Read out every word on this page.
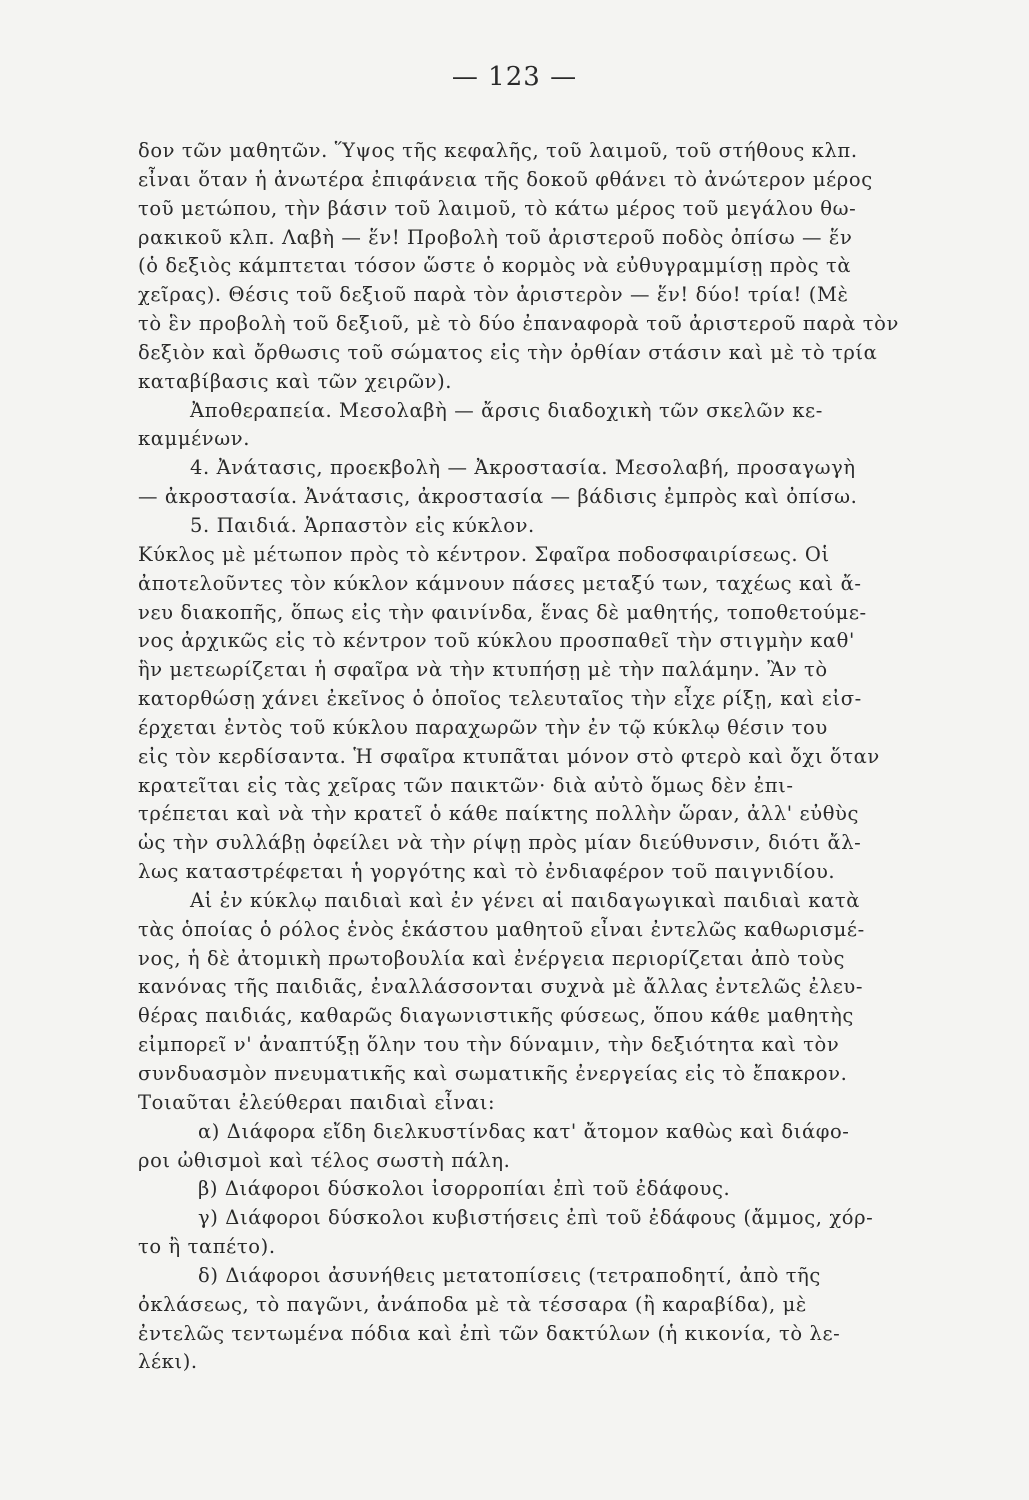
— 123 —
δον τῶν μαθητῶν. Ὕψος τῆς κεφαλῆς, τοῦ λαιμοῦ, τοῦ στήθους κλπ.
εἶναι ὅταν ἡ ἀνωτέρα ἐπιφάνεια τῆς δοκοῦ φθάνει τὸ ἀνώτερον μέρος
τοῦ μετώπου, τὴν βάσιν τοῦ λαιμοῦ, τὸ κάτω μέρος τοῦ μεγάλου θω-
ρακικοῦ κλπ. Λαβὴ — ἕν! Προβολὴ τοῦ ἀριστεροῦ ποδὸς ὀπίσω — ἕν
(ὁ δεξιὸς κάμπτεται τόσον ὥστε ὁ κορμὸς νὰ εὐθυγραμμίσῃ πρὸς τὰ
χεῖρας). Θέσις τοῦ δεξιοῦ παρὰ τὸν ἀριστερὸν — ἕν! δύο! τρία! (Μὲ
τὸ ἓν προβολὴ τοῦ δεξιοῦ, μὲ τὸ δύο ἐπαναφορὰ τοῦ ἀριστεροῦ παρὰ τὸν
δεξιὸν καὶ ὄρθωσις τοῦ σώματος εἰς τὴν ὀρθίαν στάσιν καὶ μὲ τὸ τρία
καταβίβασις καὶ τῶν χειρῶν).
Ἀποθεραπεία. Μεσολαβὴ — ἄρσις διαδοχικὴ τῶν σκελῶν κε-
καμμένων.
4. Ἀνάτασις, προεκβολὴ — Ἀκροστασία. Μεσολαβή, προσαγωγὴ
— ἀκροστασία. Ἀνάτασις, ἀκροστασία — βάδισις ἐμπρὸς καὶ ὀπίσω.
5. Παιδιά. Ἁρπαστὸν εἰς κύκλον.
Κύκλος μὲ μέτωπον πρὸς τὸ κέντρον. Σφαῖρα ποδοσφαιρίσεως. Οἱ
ἀποτελοῦντες τὸν κύκλον κάμνουν πάσες μεταξύ των, ταχέως καὶ ἄ-
νευ διακοπῆς, ὅπως εἰς τὴν φαινίνδα, ἕνας δὲ μαθητής, τοποθετούμε-
νος ἀρχικῶς εἰς τὸ κέντρον τοῦ κύκλου προσπαθεῖ τὴν στιγμὴν καθ'
ἣν μετεωρίζεται ἡ σφαῖρα νὰ τὴν κτυπήσῃ μὲ τὴν παλάμην. Ἂν τὸ
κατορθώσῃ χάνει ἐκεῖνος ὁ ὁποῖος τελευταῖος τὴν εἶχε ρίξῃ, καὶ εἰσ-
έρχεται ἐντὸς τοῦ κύκλου παραχωρῶν τὴν ἐν τῷ κύκλῳ θέσιν του
εἰς τὸν κερδίσαντα. Ἡ σφαῖρα κτυπᾶται μόνον στὸ φτερὸ καὶ ὄχι ὅταν
κρατεῖται εἰς τὰς χεῖρας τῶν παικτῶν· διὰ αὐτὸ ὅμως δὲν ἐπι-
τρέπεται καὶ νὰ τὴν κρατεῖ ὁ κάθε παίκτης πολλὴν ὥραν, ἀλλ' εὐθὺς
ὡς τὴν συλλάβῃ ὀφείλει νὰ τὴν ρίψῃ πρὸς μίαν διεύθυνσιν, διότι ἄλ-
λως καταστρέφεται ἡ γοργότης καὶ τὸ ἐνδιαφέρον τοῦ παιγνιδίου.
Αἱ ἐν κύκλῳ παιδιαὶ καὶ ἐν γένει αἱ παιδαγωγικαὶ παιδιαὶ κατὰ
τὰς ὁποίας ὁ ρόλος ἑνὸς ἑκάστου μαθητοῦ εἶναι ἐντελῶς καθωρισμέ-
νος, ἡ δὲ ἀτομικὴ πρωτοβουλία καὶ ἐνέργεια περιορίζεται ἀπὸ τοὺς
κανόνας τῆς παιδιᾶς, ἐναλλάσσονται συχνὰ μὲ ἄλλας ἐντελῶς ἐλευ-
θέρας παιδιάς, καθαρῶς διαγωνιστικῆς φύσεως, ὅπου κάθε μαθητὴς
εἰμπορεῖ ν' ἀναπτύξῃ ὅλην του τὴν δύναμιν, τὴν δεξιότητα καὶ τὸν
συνδυασμὸν πνευματικῆς καὶ σωματικῆς ἐνεργείας εἰς τὸ ἔπακρον.
Τοιαῦται ἐλεύθεραι παιδιαὶ εἶναι:
α) Διάφορα εἴδη διελκυστίνδας κατ' ἄτομον καθὼς καὶ διάφο-
ροι ὠθισμοὶ καὶ τέλος σωστὴ πάλη.
β) Διάφοροι δύσκολοι ἰσορροπίαι ἐπὶ τοῦ ἐδάφους.
γ) Διάφοροι δύσκολοι κυβιστήσεις ἐπὶ τοῦ ἐδάφους (ἄμμος, χόρ-
το ἢ ταπέτο).
δ) Διάφοροι ἀσυνήθεις μετατοπίσεις (τετραποδητί, ἀπὸ τῆς
ὀκλάσεως, τὸ παγῶνι, ἀνάποδα μὲ τὰ τέσσαρα (ἢ καραβίδα), μὲ
ἐντελῶς τεντωμένα πόδια καὶ ἐπὶ τῶν δακτύλων (ἡ κικονία, τὸ λε-
λέκι).
